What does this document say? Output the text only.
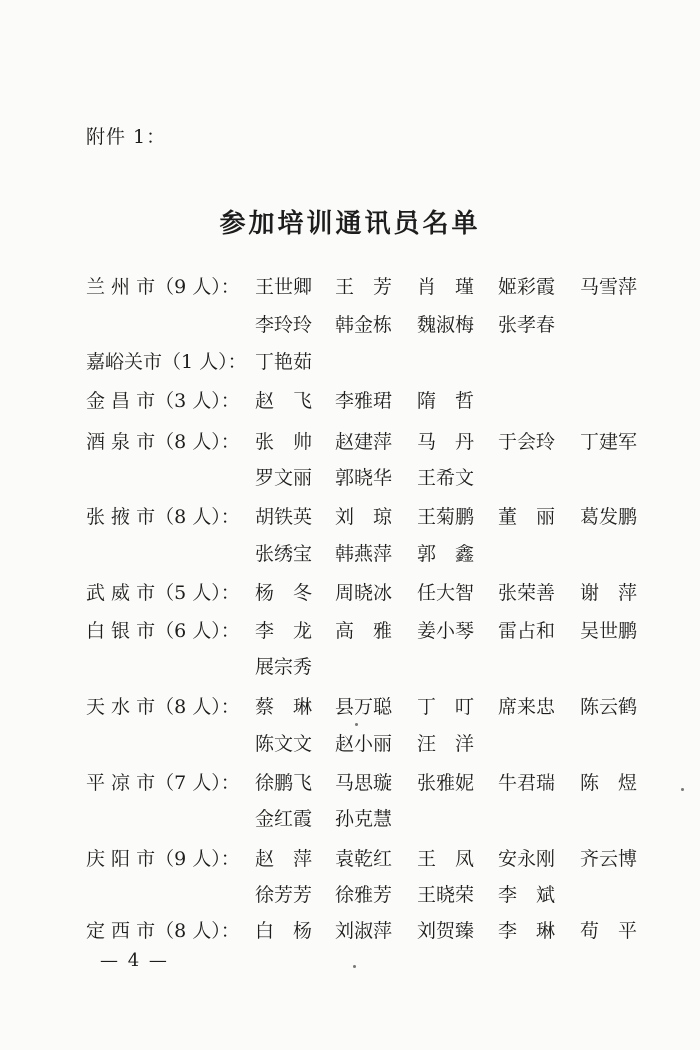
附件 1：
参加培训通讯员名单
兰 州 市（9 人）： 王世卿	王　芳	肖　瑾	姬彩霞	马雪萍
李玲玲	韩金栋	魏淑梅	张孝春
嘉峪关市（1 人）： 丁艳茹
金 昌 市（3 人）： 赵　飞	李雅珺	隋　哲
酒 泉 市（8 人）： 张　帅	赵建萍	马　丹	于会玲	丁建军
罗文丽	郭晓华	王希文
张 掖 市（8 人）： 胡铁英	刘　琼	王菊鹏	董　丽	葛发鹏
张绣宝	韩燕萍	郭　鑫
武 威 市（5 人）： 杨　冬	周晓冰	任大智	张荣善	谢　萍
白 银 市（6 人）： 李　龙	高　雅	姜小琴	雷占和	吴世鹏
展宗秀
天 水 市（8 人）： 蔡　琳	县万聪	丁　叮	席来忠	陈云鹤
陈文文	赵小丽	汪　洋
平 凉 市（7 人）： 徐鹏飞	马思璇	张雅妮	牛君瑞	陈　煜
金红霞	孙克慧
庆 阳 市（9 人）： 赵　萍	袁乾红	王　凤	安永刚	齐云博
徐芳芳	徐雅芳	王晓荣	李　斌
定 西 市（8 人）： 白　杨	刘淑萍	刘贺臻	李　琳	苟　平
— 4 —
